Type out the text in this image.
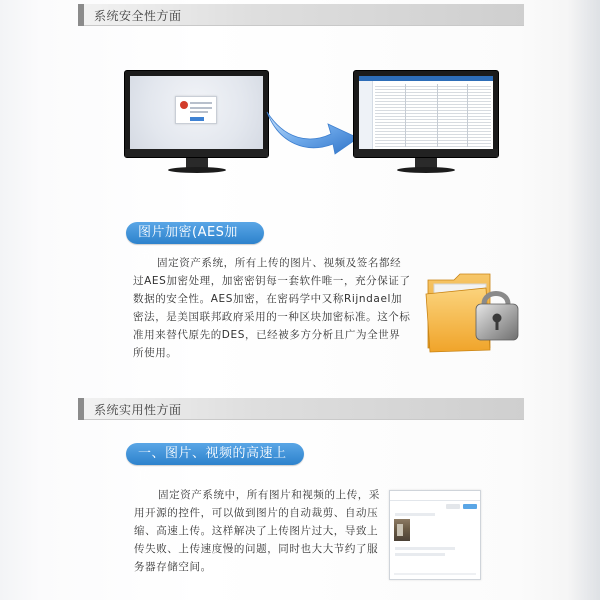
系统安全性方面
图片加密(AES加密)

固定资产系统，所有上传的图片、视频及签名都经过AES加密处理，加密密钥每一套软件唯一，充分保证了数据的安全性。AES加密，在密码学中又称Rijndael加密法，是美国联邦政府采用的一种区块加密标准。这个标准用来替代原先的DES，已经被多方分析且广为全世界所使用。

系统实用性方面
一、图片、视频的高速上传

固定资产系统中，所有图片和视频的上传，采用开源的控件，可以做到图片的自动裁剪、自动压缩、高速上传。这样解决了上传图片过大，导致上传失败、上传速度慢的问题，同时也大大节约了服务器存储空间。
